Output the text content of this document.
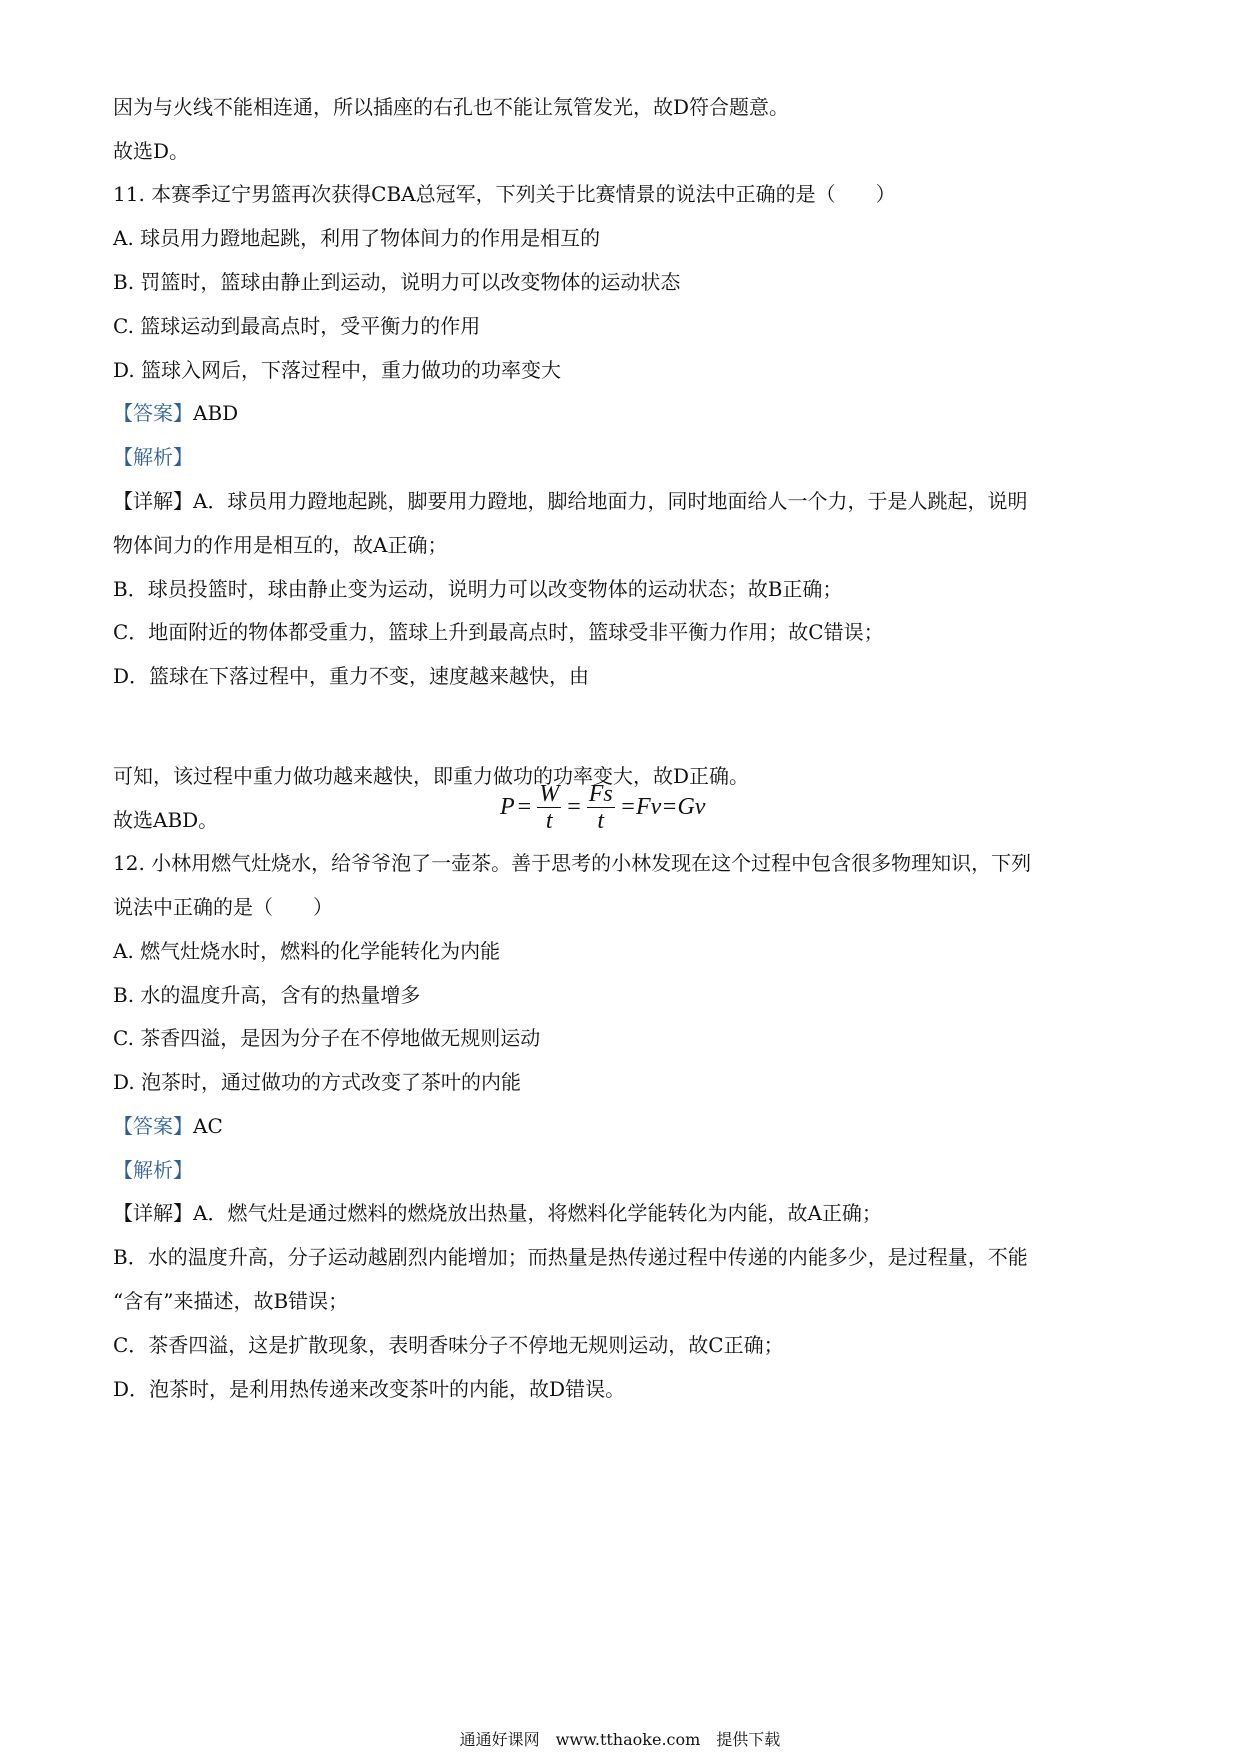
因为与火线不能相连通，所以插座的右孔也不能让氖管发光，故D符合题意。
故选D。
11. 本赛季辽宁男篮再次获得CBA总冠军，下列关于比赛情景的说法中正确的是（　　）
A. 球员用力蹬地起跳，利用了物体间力的作用是相互的
B. 罚篮时，篮球由静止到运动，说明力可以改变物体的运动状态
C. 篮球运动到最高点时，受平衡力的作用
D. 篮球入网后，下落过程中，重力做功的功率变大
【答案】ABD
【解析】
【详解】A．球员用力蹬地起跳，脚要用力蹬地，脚给地面力，同时地面给人一个力，于是人跳起，说明
物体间力的作用是相互的，故A正确；
B．球员投篮时，球由静止变为运动，说明力可以改变物体的运动状态；故B正确；
C．地面附近的物体都受重力，篮球上升到最高点时，篮球受非平衡力作用；故C错误；
D．篮球在下落过程中，重力不变，速度越来越快，由
$P = \frac{W}{t} = \frac{Fs}{t} =Fv=Gv$
可知，该过程中重力做功越来越快，即重力做功的功率变大，故D正确。
故选ABD。
12. 小林用燃气灶烧水，给爷爷泡了一壶茶。善于思考的小林发现在这个过程中包含很多物理知识，下列
说法中正确的是（　　）
A. 燃气灶烧水时，燃料的化学能转化为内能
B. 水的温度升高，含有的热量增多
C. 茶香四溢，是因为分子在不停地做无规则运动
D. 泡茶时，通过做功的方式改变了茶叶的内能
【答案】AC
【解析】
【详解】A．燃气灶是通过燃料的燃烧放出热量，将燃料化学能转化为内能，故A正确；
B．水的温度升高，分子运动越剧烈内能增加；而热量是热传递过程中传递的内能多少，是过程量，不能
“含有”来描述，故B错误；
C．茶香四溢，这是扩散现象，表明香味分子不停地无规则运动，故C正确；
D．泡茶时，是利用热传递来改变茶叶的内能，故D错误。
通通好课网　www.tthaoke.com　提供下载
